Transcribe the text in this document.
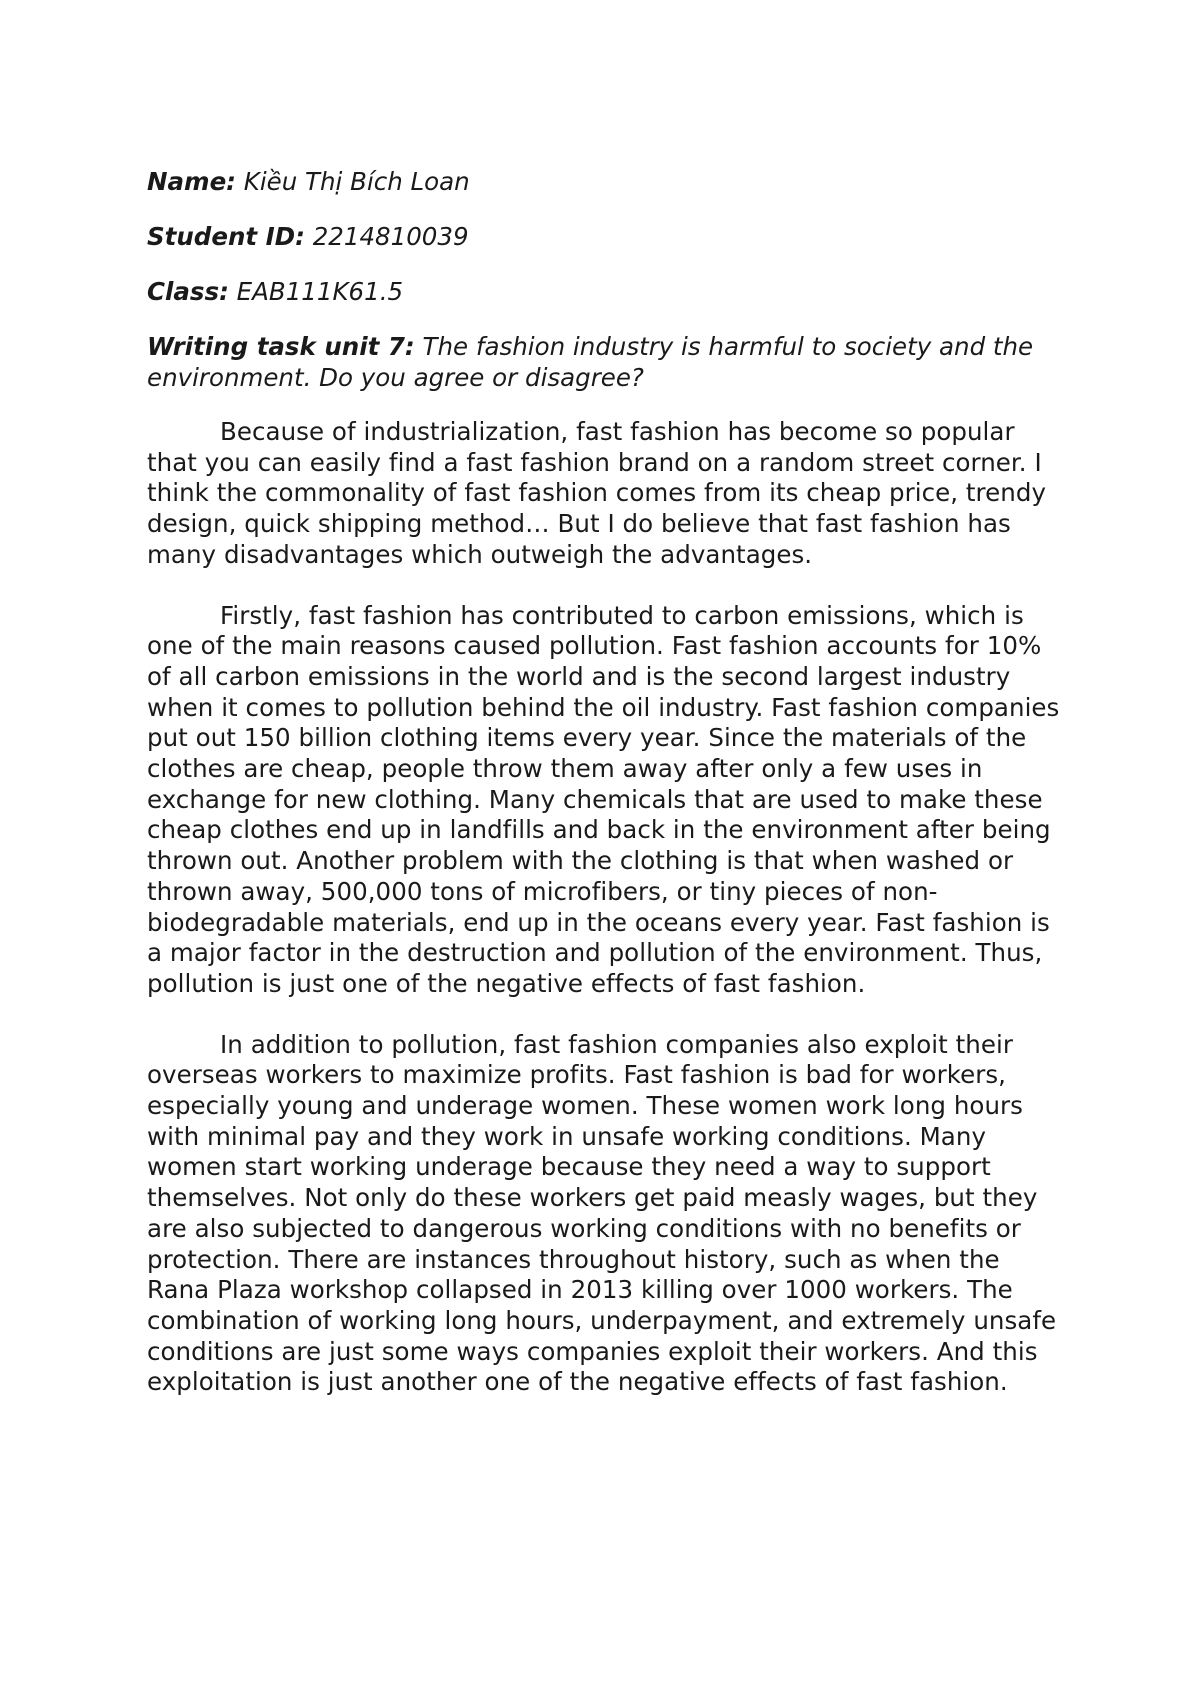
Name: Kiều Thị Bích Loan

Student ID: 2214810039

Class: EAB111K61.5

Writing task unit 7: The fashion industry is harmful to society and the environment. Do you agree or disagree?

Because of industrialization, fast fashion has become so popular that you can easily find a fast fashion brand on a random street corner. I think the commonality of fast fashion comes from its cheap price, trendy design, quick shipping method… But I do believe that fast fashion has many disadvantages which outweigh the advantages.

Firstly, fast fashion has contributed to carbon emissions, which is one of the main reasons caused pollution. Fast fashion accounts for 10% of all carbon emissions in the world and is the second largest industry when it comes to pollution behind the oil industry. Fast fashion companies put out 150 billion clothing items every year. Since the materials of the clothes are cheap, people throw them away after only a few uses in exchange for new clothing. Many chemicals that are used to make these cheap clothes end up in landfills and back in the environment after being thrown out. Another problem with the clothing is that when washed or thrown away, 500,000 tons of microfibers, or tiny pieces of non-biodegradable materials, end up in the oceans every year. Fast fashion is a major factor in the destruction and pollution of the environment. Thus, pollution is just one of the negative effects of fast fashion.

In addition to pollution, fast fashion companies also exploit their overseas workers to maximize profits. Fast fashion is bad for workers, especially young and underage women. These women work long hours with minimal pay and they work in unsafe working conditions. Many women start working underage because they need a way to support themselves. Not only do these workers get paid measly wages, but they are also subjected to dangerous working conditions with no benefits or protection. There are instances throughout history, such as when the Rana Plaza workshop collapsed in 2013 killing over 1000 workers. The combination of working long hours, underpayment, and extremely unsafe conditions are just some ways companies exploit their workers. And this exploitation is just another one of the negative effects of fast fashion.
